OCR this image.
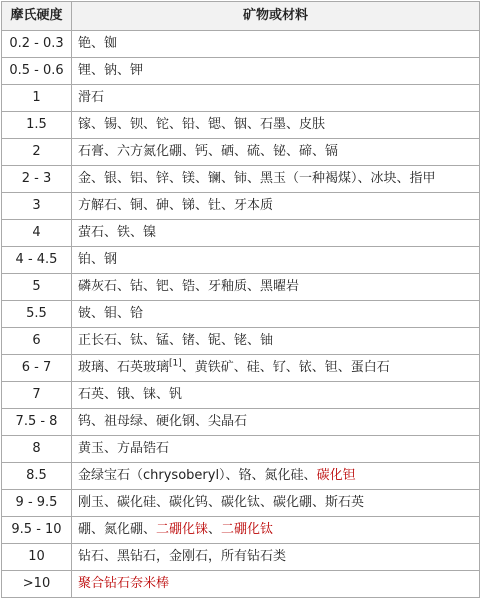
摩氏硬度	矿物或材料
0.2 - 0.3	铯、铷
0.5 - 0.6	锂、钠、钾
1	滑石
1.5	镓、锡、钡、铊、铅、锶、铟、石墨、皮肤
2	石膏、六方氮化硼、钙、硒、硫、铋、碲、镉
2 - 3	金、银、铝、锌、镁、镧、铈、黑玉（一种褐煤）、冰块、指甲
3	方解石、铜、砷、锑、钍、牙本质
4	萤石、铁、镍
4 - 4.5	铂、钢
5	磷灰石、钴、钯、锆、牙釉质、黑曜岩
5.5	铍、钼、铪
6	正长石、钛、锰、锗、铌、铑、铀
6 - 7	玻璃、石英玻璃[1]、黄铁矿、硅、钌、铱、钽、蛋白石
7	石英、锇、铼、钒
7.5 - 8	钨、祖母绿、硬化钢、尖晶石
8	黄玉、方晶锆石
8.5	金绿宝石（chrysoberyl）、铬、氮化硅、碳化钽
9 - 9.5	刚玉、碳化硅、碳化钨、碳化钛、碳化硼、斯石英
9.5 - 10	硼、氮化硼、二硼化铼、二硼化钛
10	钻石、黑钻石，金刚石，所有钻石类
>10	聚合钻石奈米棒
